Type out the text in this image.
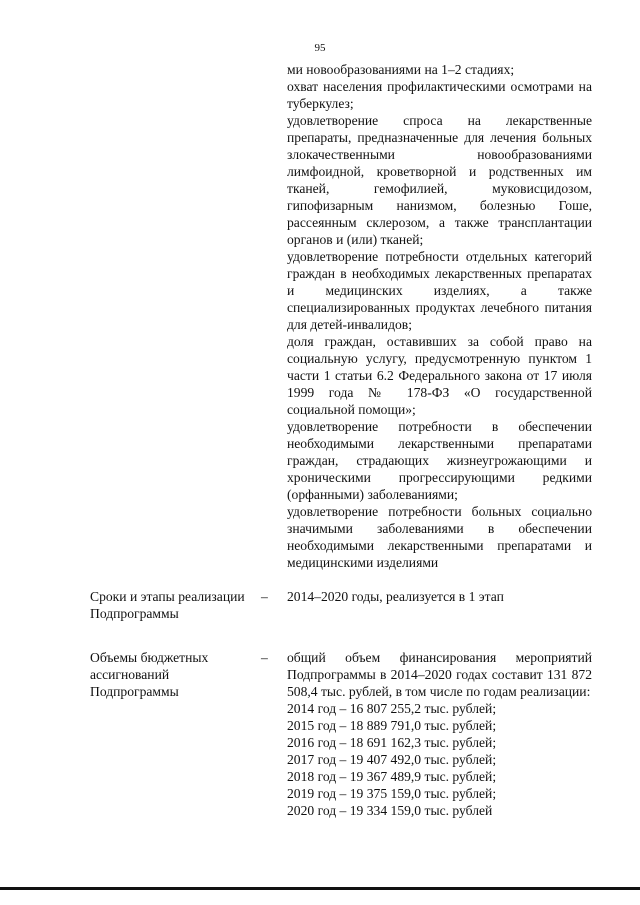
95

ми новообразованиями на 1–2 стадиях;

охват населения профилактическими осмотрами на туберкулез;

удовлетворение спроса на лекарственные препараты, предназначенные для лечения больных злокачественными новообразованиями лимфоидной, кроветворной и родственных им тканей, гемофилией, муковисцидозом, гипофизарным нанизмом, болезнью Гоше, рассеянным склерозом, а также трансплантации органов и (или) тканей;

удовлетворение потребности отдельных категорий граждан в необходимых лекарственных препаратах и медицинских изделиях, а также специализированных продуктах лечебного питания для детей-инвалидов;

доля граждан, оставивших за собой право на социальную услугу, предусмотренную пунктом 1 части 1 статьи 6.2 Федерального закона от 17 июля 1999 года № 178-ФЗ «О государственной социальной помощи»;

удовлетворение потребности в обеспечении необходимыми лекарственными препаратами граждан, страдающих жизнеугрожающими и хроническими прогрессирующими редкими (орфанными) заболеваниями;

удовлетворение потребности больных социально значимыми заболеваниями в обеспечении необходимыми лекарственными препаратами и медицинскими изделиями

Сроки и этапы реализации Подпрограммы
–	2014–2020 годы, реализуется в 1 этап
Объемы бюджетных ассигнований Подпрограммы
–	общий объем финансирования мероприятий Подпрограммы в 2014–2020 годах составит 131 872 508,4 тыс. рублей, в том числе по годам реализации:

2014 год – 16 807 255,2 тыс. рублей;

2015 год – 18 889 791,0 тыс. рублей;

2016 год – 18 691 162,3 тыс. рублей;

2017 год – 19 407 492,0 тыс. рублей;

2018 год – 19 367 489,9 тыс. рублей;

2019 год – 19 375 159,0 тыс. рублей;

2020 год – 19 334 159,0 тыс. рублей
